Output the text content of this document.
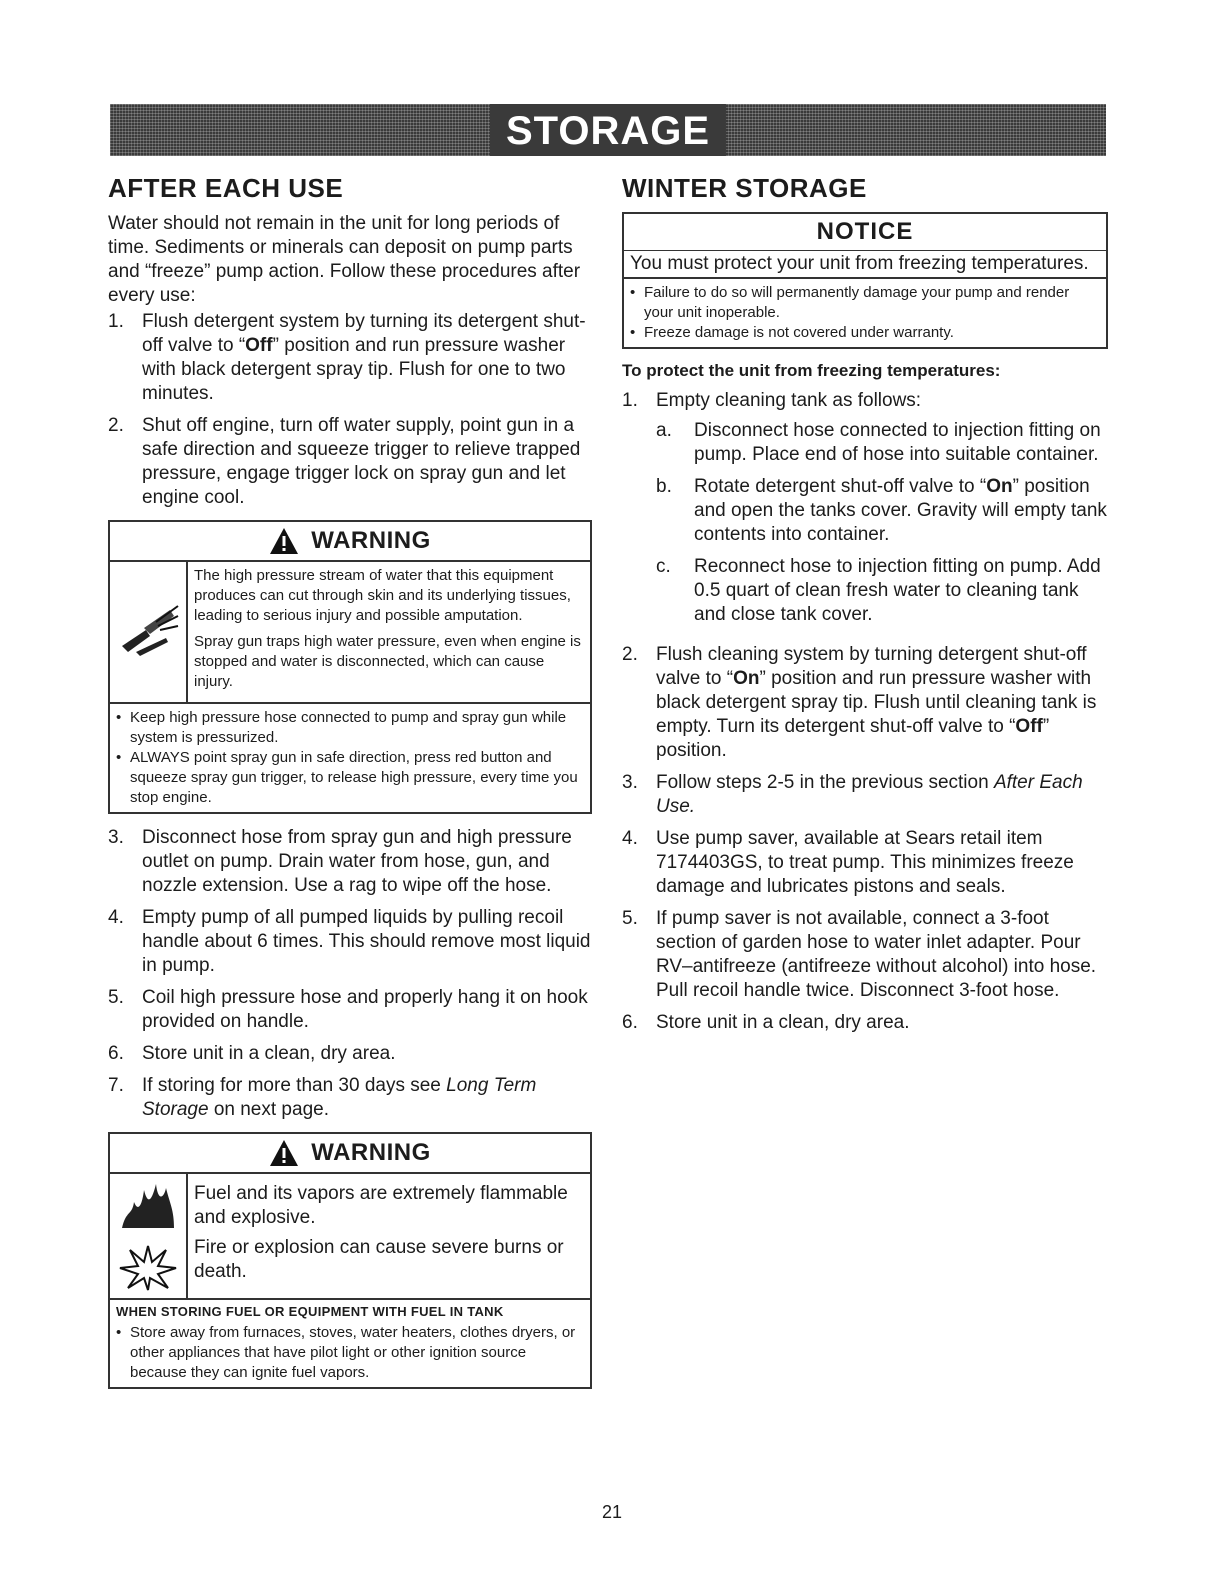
STORAGE
AFTER EACH USE

Water should not remain in the unit for long periods of time. Sediments or minerals can deposit on pump parts and “freeze” pump action. Follow these procedures after every use:

1. Flush detergent system by turning its detergent shut-off valve to “Off” position and run pressure washer with black detergent spray tip. Flush for one to two minutes.
2. Shut off engine, turn off water supply, point gun in a safe direction and squeeze trigger to relieve trapped pressure, engage trigger lock on spray gun and let engine cool.
WARNING

The high pressure stream of water that this equipment produces can cut through skin and its underlying tissues, leading to serious injury and possible amputation.

Spray gun traps high water pressure, even when engine is stopped and water is disconnected, which can cause injury.

• Keep high pressure hose connected to pump and spray gun while system is pressurized.
• ALWAYS point spray gun in safe direction, press red button and squeeze spray gun trigger, to release high pressure, every time you stop engine.
3. Disconnect hose from spray gun and high pressure outlet on pump. Drain water from hose, gun, and nozzle extension. Use a rag to wipe off the hose.
4. Empty pump of all pumped liquids by pulling recoil handle about 6 times. This should remove most liquid in pump.
5. Coil high pressure hose and properly hang it on hook provided on handle.
6. Store unit in a clean, dry area.
7. If storing for more than 30 days see Long Term Storage on next page.
WARNING

Fuel and its vapors are extremely flammable and explosive.

Fire or explosion can cause severe burns or death.

WHEN STORING FUEL OR EQUIPMENT WITH FUEL IN TANK
• Store away from furnaces, stoves, water heaters, clothes dryers, or other appliances that have pilot light or other ignition source because they can ignite fuel vapors.
WINTER STORAGE
NOTICE
You must protect your unit from freezing temperatures.
• Failure to do so will permanently damage your pump and render your unit inoperable.
• Freeze damage is not covered under warranty.
To protect the unit from freezing temperatures:
1. Empty cleaning tank as follows:
a.	Disconnect hose connected to injection fitting on pump. Place end of hose into suitable container.
b.	Rotate detergent shut-off valve to “On” position and open the tanks cover. Gravity will empty tank contents into container.
c.	Reconnect hose to injection fitting on pump. Add 0.5 quart of clean fresh water to cleaning tank and close tank cover.
2. Flush cleaning system by turning detergent shut-off valve to “On” position and run pressure washer with black detergent spray tip. Flush until cleaning tank is empty. Turn its detergent shut-off valve to “Off” position.
3. Follow steps 2-5 in the previous section After Each Use.
4. Use pump saver, available at Sears retail item 7174403GS, to treat pump. This minimizes freeze damage and lubricates pistons and seals.
5. If pump saver is not available, connect a 3-foot section of garden hose to water inlet adapter. Pour RV–antifreeze (antifreeze without alcohol) into hose. Pull recoil handle twice. Disconnect 3-foot hose.
6. Store unit in a clean, dry area.
21
